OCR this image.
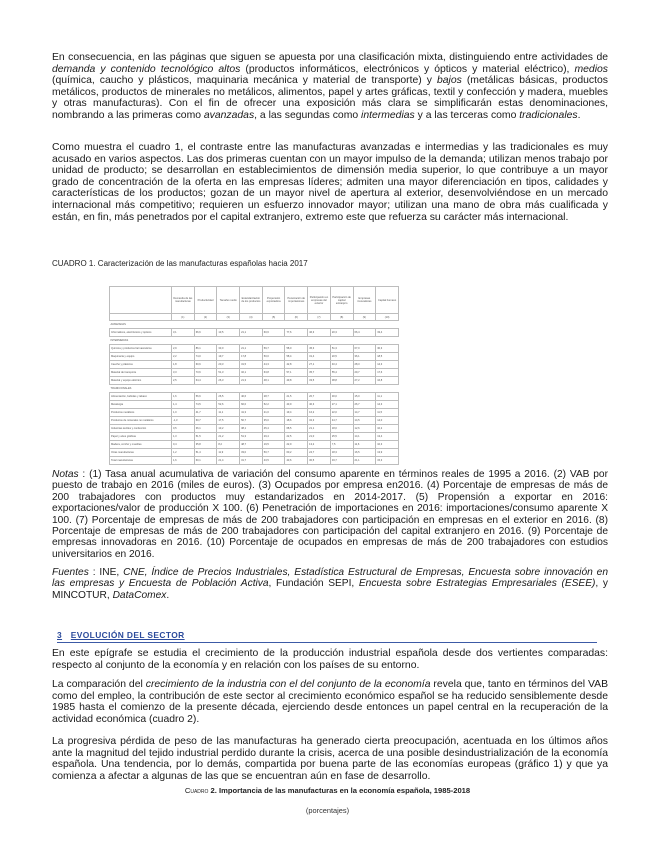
En consecuencia, en las páginas que siguen se apuesta por una clasificación mixta, distinguiendo entre actividades de demanda y contenido tecnológico altos (productos informáticos, electrónicos y ópticos y material eléctrico), medios (química, caucho y plásticos, maquinaria mecánica y material de transporte) y bajos (metálicas básicas, productos metálicos, productos de minerales no metálicos, alimentos, papel y artes gráficas, textil y confección y madera, muebles y otras manufacturas). Con el fin de ofrecer una exposición más clara se simplificarán estas denominaciones, nombrando a las primeras como avanzadas, a las segundas como intermedias y a las terceras como tradicionales.

Como muestra el cuadro 1, el contraste entre las manufacturas avanzadas e intermedias y las tradicionales es muy acusado en varios aspectos. Las dos primeras cuentan con un mayor impulso de la demanda; utilizan menos trabajo por unidad de producto; se desarrollan en establecimientos de dimensión media superior, lo que contribuye a un mayor grado de concentración de la oferta en las empresas líderes; admiten una mayor diferenciación en tipos, calidades y características de los productos; gozan de un mayor nivel de apertura al exterior, desenvolviéndose en un mercado internacional más competitivo; requieren un esfuerzo innovador mayor; utilizan una mano de obra más cualificada y están, en fin, más penetrados por el capital extranjero, extremo este que refuerza su carácter más internacional.

CUADRO 1. Caracterización de las manufacturas españolas hacia 2017

	Demanda de las manufacturas	Productividad	Tamaño medio	Estandarización de los productos	Propensión exportadora	Penetración de importaciones	Participación en empresas del exterior	Participación de capital extranjero	Empresas innovadoras	Capital humano
	(1)	(2)	(3)	(4)	(5)	(6)	(7)	(8)	(9)	(10)
AVANZADAS										
Informáticos, electrónicos y ópticos	3,1	66,6	13,5	21,1	60,6	77,6	46,3	20,3	66,4	33,4
INTERMEDIAS										
Química y productos farmacéuticos	2,9	86,1	33,0	21,1	59,7	58,0	45,3	51,3	67,0	30,3
Maquinaria y equipo	2,2	74,0	19,7	17,8	50,0	58,4	31,4	20,5	36,1	18,5
Caucho y plásticos	1,8	60,6	20,3	31,5	44,3	42,8	27,1	40,4	28,3	14,3
Material de transporte	3,3	73,6	51,3	32,1	63,8	57,1	35,7	55,4	29,7	17,6
Material y equipo eléctrico	2,5	64,4	26,3	21,3	48,1	49,8	33,5	38,8	27,2	16,8
TRADICIONALES										
Alimentación, bebidas y tabaco	1,6	56,6	26,5	40,6	28,7	21,5	20,7	30,0	15,0	11,1
Metalurgia	1,4	74,5	52,6	60,0	52,2	43,9	40,3	27,1	26,7	14,3
Productos metálicos	1,0	41,7	11,1	41,3	21,0	19,4	16,2	22,0	14,7	11,5
Productos de minerales no metálicos	-1,3	60,7	17,5	50,7	35,0	18,6	32,3	44,7	14,5	14,0
Industrias textiles y confección	0,5	36,1	13,2	38,1	45,4	68,5	21,1	18,0	12,6	10,2
Papel y artes gráficas	1,3	51,5	21,2	51,3	29,4	22,5	21,0	25,5	14,1	13,4
Madera, corcho y muebles	0,4	35,8	8,2	48,7	19,5	22,9	13,2	7,5	11,6	10,3
Otras manufacturas	1,2	51,4	11,9	33,0	50,7	60,2	24,7	18,3	16,5	13,9
Total manufacturas	1,6	60,1	21,4	31,7	43,5	43,6	30,5	33,7	21,1	15,3

Notas : (1) Tasa anual acumulativa de variación del consumo aparente en términos reales de 1995 a 2016. (2) VAB por puesto de trabajo en 2016 (miles de euros). (3) Ocupados por empresa en2016. (4) Porcentaje de empresas de más de 200 trabajadores con productos muy estandarizados en 2014-2017. (5) Propensión a exportar en 2016: exportaciones/valor de producción X 100. (6) Penetración de importaciones en 2016: importaciones/consumo aparente X 100. (7) Porcentaje de empresas de más de 200 trabajadores con participación en empresas en el exterior en 2016. (8) Porcentaje de empresas de más de 200 trabajadores con participación del capital extranjero en 2016. (9) Porcentaje de empresas innovadoras en 2016. (10) Porcentaje de ocupados en empresas de más de 200 trabajadores con estudios universitarios en 2016.

Fuentes : INE, CNE, Índice de Precios Industriales, Estadística Estructural de Empresas, Encuesta sobre innovación en las empresas y Encuesta de Población Activa, Fundación SEPI, Encuesta sobre Estrategias Empresariales (ESEE), y MINCOTUR, DataComex.

3 EVOLUCIÓN DEL SECTOR

En este epígrafe se estudia el crecimiento de la producción industrial española desde dos vertientes comparadas: respecto al conjunto de la economía y en relación con los países de su entorno.

La comparación del crecimiento de la industria con el del conjunto de la economía revela que, tanto en términos del VAB como del empleo, la contribución de este sector al crecimiento económico español se ha reducido sensiblemente desde 1985 hasta el comienzo de la presente década, ejerciendo desde entonces un papel central en la recuperación de la actividad económica (cuadro 2).

La progresiva pérdida de peso de las manufacturas ha generado cierta preocupación, acentuada en los últimos años ante la magnitud del tejido industrial perdido durante la crisis, acerca de una posible desindustrialización de la economía española. Una tendencia, por lo demás, compartida por buena parte de las economías europeas (gráfico 1) y que ya comienza a afectar a algunas de las que se encuentran aún en fase de desarrollo.

Cuadro 2. Importancia de las manufacturas en la economía española, 1985-2018
(porcentajes)
